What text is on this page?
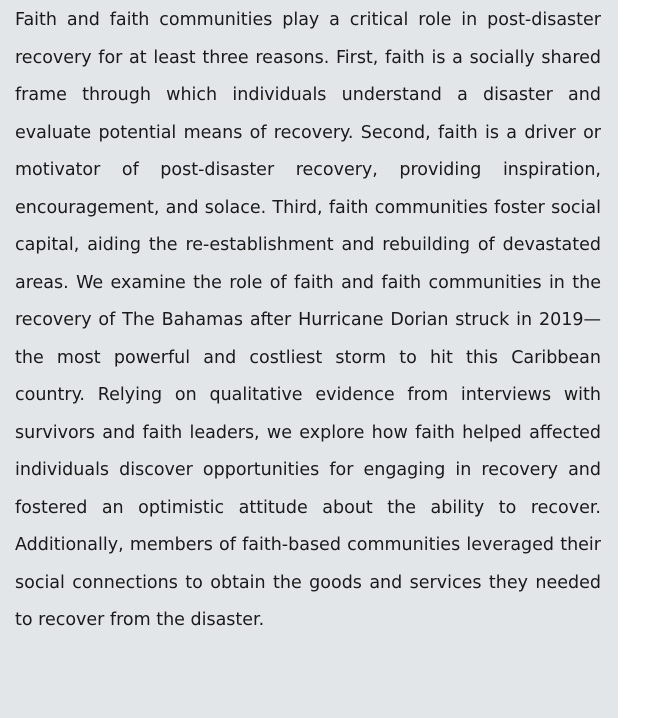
Faith and faith communities play a critical role in post-disaster recovery for at least three reasons. First, faith is a socially shared frame through which individuals understand a disaster and evaluate potential means of recovery. Second, faith is a driver or motivator of post-disaster recovery, providing inspiration, encouragement, and solace. Third, faith communities foster social capital, aiding the re-establishment and rebuilding of devastated areas. We examine the role of faith and faith communities in the recovery of The Bahamas after Hurricane Dorian struck in 2019—the most powerful and costliest storm to hit this Caribbean country. Relying on qualitative evidence from interviews with survivors and faith leaders, we explore how faith helped affected individuals discover opportunities for engaging in recovery and fostered an optimistic attitude about the ability to recover. Additionally, members of faith-based communities leveraged their social connections to obtain the goods and services they needed to recover from the disaster.
